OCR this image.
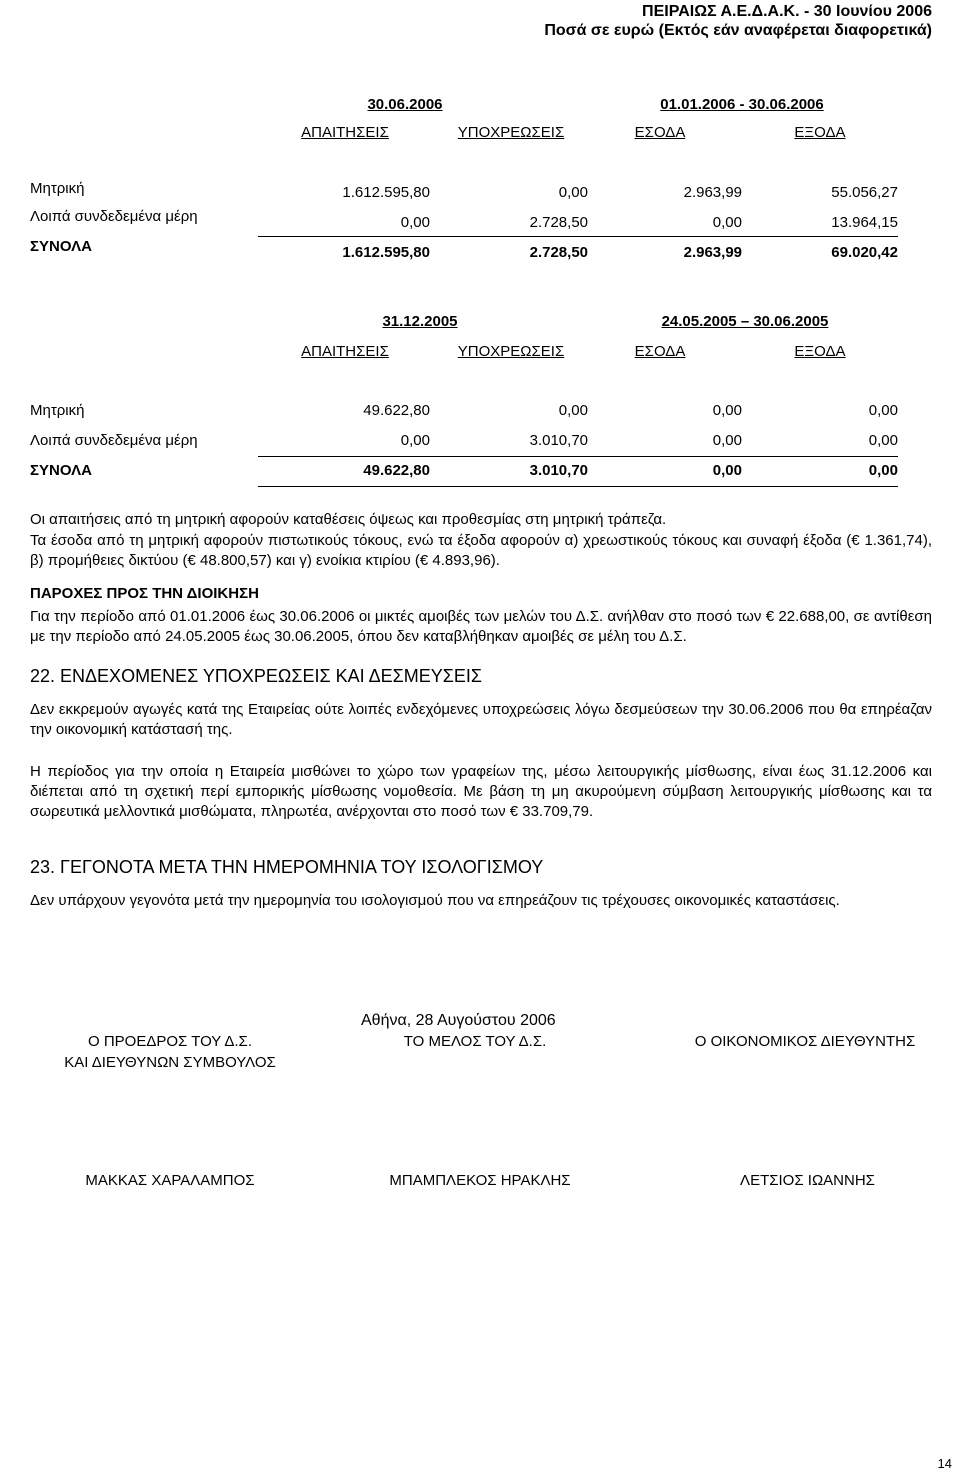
ΠΕΙΡΑΙΩΣ Α.Ε.Δ.Α.Κ. - 30 Ιουνίου 2006
Ποσά σε ευρώ (Εκτός εάν αναφέρεται διαφορετικά)
30.06.2006	01.01.2006 - 30.06.2006
ΑΠΑΙΤΗΣΕΙΣ	ΥΠΟΧΡΕΩΣΕΙΣ	ΕΣΟΔΑ	ΕΞΟΔΑ
Μητρική	1.612.595,80	0,00	2.963,99	55.056,27
Λοιπά συνδεδεμένα μέρη	0,00	2.728,50	0,00	13.964,15
ΣΥΝΟΛΑ	1.612.595,80	2.728,50	2.963,99	69.020,42
31.12.2005	24.05.2005 – 30.06.2005
ΑΠΑΙΤΗΣΕΙΣ	ΥΠΟΧΡΕΩΣΕΙΣ	ΕΣΟΔΑ	ΕΞΟΔΑ
Μητρική	49.622,80	0,00	0,00	0,00
Λοιπά συνδεδεμένα μέρη	0,00	3.010,70	0,00	0,00
ΣΥΝΟΛΑ	49.622,80	3.010,70	0,00	0,00
Οι απαιτήσεις από τη μητρική αφορούν καταθέσεις όψεως και προθεσμίας στη μητρική τράπεζα.
Τα έσοδα από τη μητρική αφορούν πιστωτικούς τόκους, ενώ τα έξοδα αφορούν α) χρεωστικούς τόκους και συναφή έξοδα (€ 1.361,74), β) προμήθειες δικτύου (€ 48.800,57) και γ) ενοίκια κτιρίου (€ 4.893,96).
ΠΑΡΟΧΕΣ ΠΡΟΣ ΤΗΝ ΔΙΟΙΚΗΣΗ
Για την περίοδο από 01.01.2006 έως 30.06.2006 οι μικτές αμοιβές των μελών του Δ.Σ. ανήλθαν στο ποσό των € 22.688,00, σε αντίθεση με την περίοδο από 24.05.2005 έως 30.06.2005, όπου δεν καταβλήθηκαν αμοιβές σε μέλη του Δ.Σ.
22. ΕΝΔΕΧΟΜΕΝΕΣ ΥΠΟΧΡΕΩΣΕΙΣ ΚΑΙ ΔΕΣΜΕΥΣΕΙΣ
Δεν εκκρεμούν αγωγές κατά της Εταιρείας ούτε λοιπές ενδεχόμενες υποχρεώσεις λόγω δεσμεύσεων την 30.06.2006 που θα επηρέαζαν την οικονομική κατάστασή της.
Η περίοδος για την οποία η Εταιρεία μισθώνει το χώρο των γραφείων της, μέσω λειτουργικής μίσθωσης, είναι έως 31.12.2006 και διέπεται από τη σχετική περί εμπορικής μίσθωσης νομοθεσία. Με βάση τη μη ακυρούμενη σύμβαση λειτουργικής μίσθωσης και τα σωρευτικά μελλοντικά μισθώματα, πληρωτέα, ανέρχονται στο ποσό των € 33.709,79.
23. ΓΕΓΟΝΟΤΑ ΜΕΤΑ ΤΗΝ ΗΜΕΡΟΜΗΝΙΑ ΤΟΥ ΙΣΟΛΟΓΙΣΜΟΥ
Δεν υπάρχουν γεγονότα μετά την ημερομηνία του ισολογισμού που να επηρεάζουν τις τρέχουσες οικονομικές καταστάσεις.
Αθήνα, 28 Αυγούστου 2006
Ο ΠΡΟΕΔΡΟΣ ΤΟΥ Δ.Σ.
ΚΑΙ ΔΙΕΥΘΥΝΩΝ ΣΥΜΒΟΥΛΟΣ
ΤΟ ΜΕΛΟΣ ΤΟΥ Δ.Σ.	Ο ΟΙΚΟΝΟΜΙΚΟΣ ΔΙΕΥΘΥΝΤΗΣ
ΜΑΚΚΑΣ ΧΑΡΑΛΑΜΠΟΣ	ΜΠΑΜΠΛΕΚΟΣ ΗΡΑΚΛΗΣ	ΛΕΤΣΙΟΣ ΙΩΑΝΝΗΣ
14
